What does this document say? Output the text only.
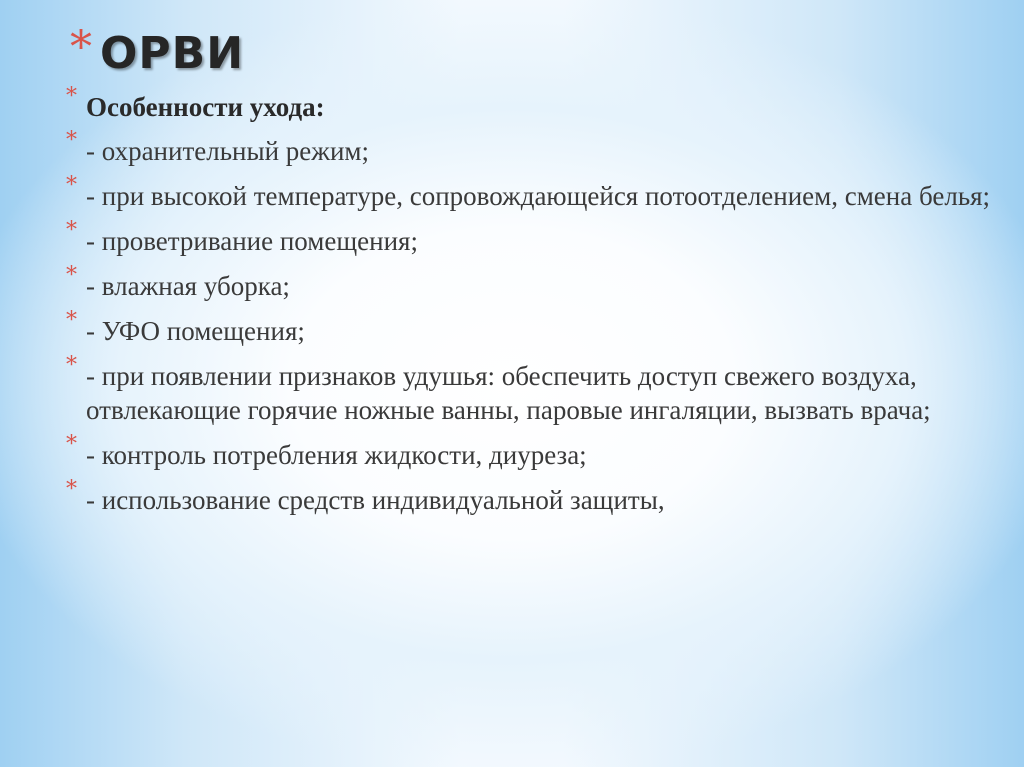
* ОРВИ
* Особенности ухода:
* - охранительный режим;
* - при высокой температуре, сопровождающейся потоотделением, смена белья;
* - проветривание помещения;
* - влажная уборка;
* - УФО помещения;
* - при появлении признаков удушья: обеспечить доступ свежего воздуха, отвлекающие горячие ножные ванны, паровые ингаляции, вызвать врача;
* - контроль потребления жидкости, диуреза;
* - использование средств индивидуальной защиты,
